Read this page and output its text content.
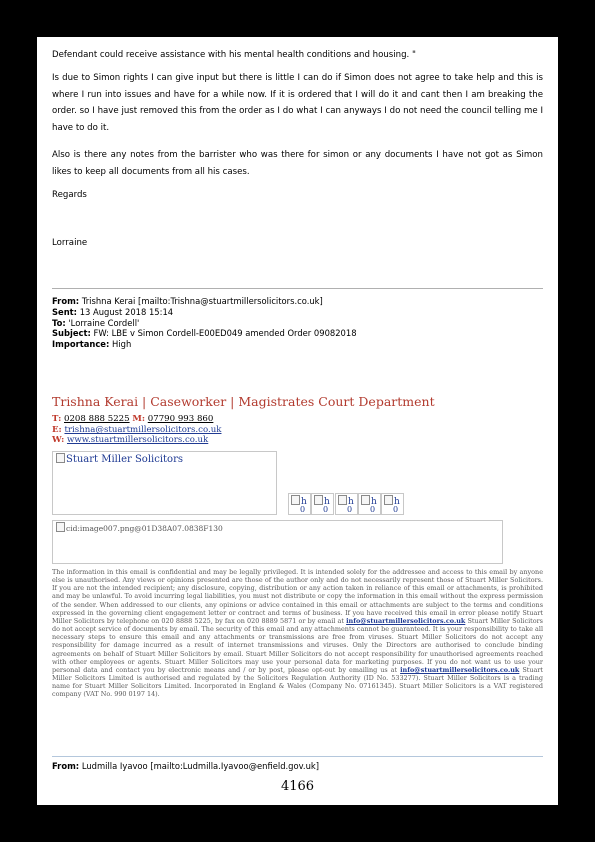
Defendant could receive assistance with his mental health conditions and housing. "
Is due to Simon rights I can give input but there is little I can do if Simon does not agree to take help and this is where I run into issues and have for a while now. If it is ordered that I will do it and cant then I am breaking the order. so I have just removed this from the order as I do what I can anyways I do not need the council telling me I have to do it.
Also is there any notes from the barrister who was there for simon or any documents I have not got as Simon likes to keep all documents from all his cases.
Regards
Lorraine
From: Trishna Kerai [mailto:Trishna@stuartmillersolicitors.co.uk]
Sent: 13 August 2018 15:14
To: 'Lorraine Cordell'
Subject: FW: LBE v Simon Cordell-E00ED049 amended Order 09082018
Importance: High
Trishna Kerai | Caseworker | Magistrates Court Department
T: 0208 888 5225 M: 07790 993 860
E: trishna@stuartmillersolicitors.co.uk
W: www.stuartmillersolicitors.co.uk
Stuart Miller Solicitors
h
0
h
0
h
0
h
0
h
0
cid:image007.png@01D38A07.0838F130
The information in this email is confidential and may be legally privileged. It is intended solely for the addressee and access to this email by anyone else is unauthorised. Any views or opinions presented are those of the author only and do not necessarily represent those of Stuart Miller Solicitors. If you are not the intended recipient; any disclosure, copying, distribution or any action taken in reliance of this email or attachments, is prohibited and may be unlawful. To avoid incurring legal liabilities, you must not distribute or copy the information in this email without the express permission of the sender. When addressed to our clients, any opinions or advice contained in this email or attachments are subject to the terms and conditions expressed in the governing client engagement letter or contract and terms of business. If you have received this email in error please notify Stuart Miller Solicitors by telephone on 020 8888 5225, by fax on 020 8889 5871 or by email at info@stuartmillersolicitors.co.uk Stuart Miller Solicitors do not accept service of documents by email. The security of this email and any attachments cannot be guaranteed. It is your responsibility to take all necessary steps to ensure this email and any attachments or transmissions are free from viruses. Stuart Miller Solicitors do not accept any responsibility for damage incurred as a result of internet transmissions and viruses. Only the Directors are authorised to conclude binding agreements on behalf of Stuart Miller Solicitors by email. Stuart Miller Solicitors do not accept responsibility for unauthorised agreements reached with other employees or agents. Stuart Miller Solicitors may use your personal data for marketing purposes. If you do not want us to use your personal data and contact you by electronic means and / or by post, please opt-out by emailing us at info@stuartmillersolicitors.co.uk Stuart Miller Solicitors Limited is authorised and regulated by the Solicitors Regulation Authority (ID No. 533277). Stuart Miller Solicitors is a trading name for Stuart Miller Solicitors Limited. Incorporated in England & Wales (Company No. 07161345). Stuart Miller Solicitors is a VAT registered company (VAT No. 990 0197 14).
From: Ludmilla Iyavoo [mailto:Ludmilla.Iyavoo@enfield.gov.uk]
4166
